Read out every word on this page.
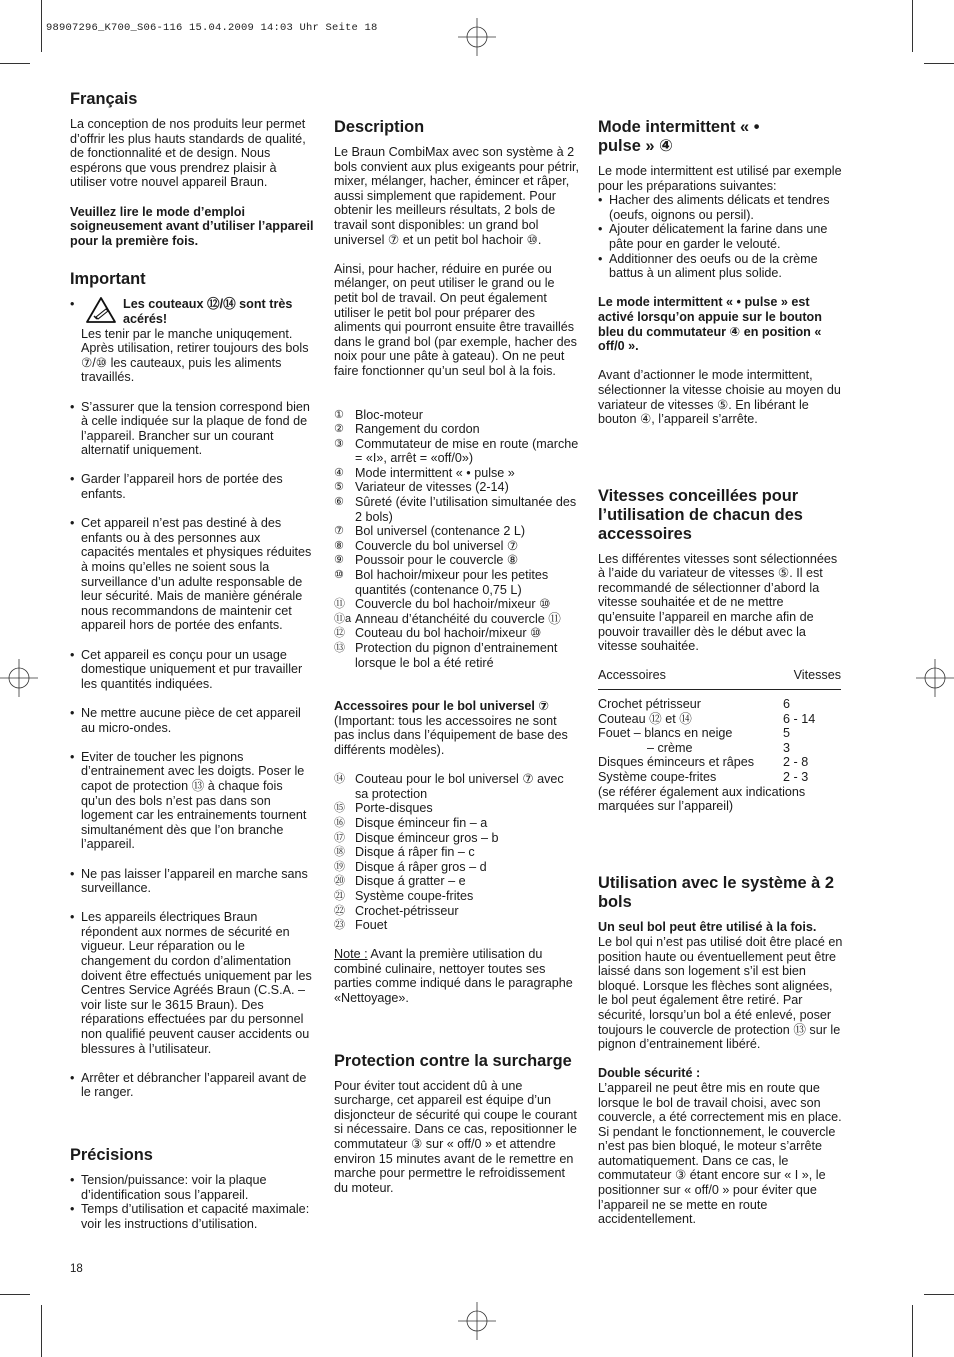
98907296_K700_S06-116 15.04.2009 14:03 Uhr Seite 18
Français

La conception de nos produits leur permet d’offrir les plus hauts standards de qualité, de fonctionnalité et de design. Nous espérons que vous prendrez plaisir à utiliser votre nouvel appareil Braun.

Veuillez lire le mode d’emploi soigneusement avant d’utiliser l’appareil pour la première fois.

Important
• Les couteaux ⑫/⑭ sont très acérés!
Les tenir par le manche uniquqement. Après utilisation, retirer toujours des bols ⑦/⑩ les cauteaux, puis les aliments travaillés.
• S’assurer que la tension correspond bien à celle indiquée sur la plaque de fond de l’appareil. Brancher sur un courant alternatif uniquement.
• Garder l’appareil hors de portée des enfants.
• Cet appareil n’est pas destiné à des enfants ou à des personnes aux capacités mentales et physiques réduites à moins qu’elles ne soient sous la surveillance d’un adulte responsable de leur sécurité. Mais de manière générale nous recommandons de maintenir cet appareil hors de portée des enfants.
• Cet appareil es conçu pour un usage domestique uniquement et pur travailler les quantités indiquées.
• Ne mettre aucune pièce de cet appareil au micro-ondes.
• Eviter de toucher les pignons d’entrainement avec les doigts. Poser le capot de protection ⑬ à chaque fois qu’un des bols n’est pas dans son logement car les entrainements tournent simultanément dès que l’on branche l’appareil.
• Ne pas laisser l’appareil en marche sans surveillance.
• Les appareils électriques Braun répondent aux normes de sécurité en vigueur. Leur réparation ou le changement du cordon d’alimentation doivent être effectués uniquement par les Centres Service Agréés Braun (C.S.A. – voir liste sur le 3615 Braun). Des réparations effectuées par du personnel non qualifié peuvent causer accidents ou blessures à l’utilisateur.
• Arrêter et débrancher l’appareil avant de le ranger.
Précisions
• Tension/puissance: voir la plaque d’identification sous l’appareil.
• Temps d’utilisation et capacité maximale: voir les instructions d’utilisation.
Description

Le Braun CombiMax avec son système à 2 bols convient aux plus exigeants pour pétrir, mixer, mélanger, hacher, émincer et râper, aussi simplement que rapidement. Pour obtenir les meilleurs résultats, 2 bols de travail sont disponibles: un grand bol universel ⑦ et un petit bol hachoir ⑩.

Ainsi, pour hacher, réduire en purée ou mélanger, on peut utiliser le grand ou le petit bol de travail. On peut également utiliser le petit bol pour préparer des aliments qui pourront ensuite être travaillés dans le grand bol (par exemple, hacher des noix pour une pâte à gateau). On ne peut faire fonctionner qu’un seul bol à la fois.

① Bloc-moteur
② Rangement du cordon
③ Commutateur de mise en route (marche = «I», arrêt = «off/0»)
④ Mode intermittent « • pulse »
⑤ Variateur de vitesses (2-14)
⑥ Sûreté (évite l’utilisation simultanée des 2 bols)
⑦ Bol universel (contenance 2 L)
⑧ Couvercle du bol universel ⑦
⑨ Poussoir pour le couvercle ⑧
⑩ Bol hachoir/mixeur pour les petites quantités (contenance 0,75 L)
⑪ Couvercle du bol hachoir/mixeur ⑩
⑪a Anneau d’étanchéité du couvercle ⑪
⑫ Couteau du bol hachoir/mixeur ⑩
⑬ Protection du pignon d’entrainement lorsque le bol a été retiré
Accessoires pour le bol universel ⑦

(Important: tous les accessoires ne sont pas inclus dans l’équipement de base des différents modèles).

⑭ Couteau pour le bol universel ⑦ avec sa protection
⑮ Porte-disques
⑯ Disque éminceur fin – a
⑰ Disque éminceur gros – b
⑱ Disque á râper fin – c
⑲ Disque á râper gros – d
⑳ Disque á gratter – e
㉑ Système coupe-frites
㉒ Crochet-pétrisseur
㉓ Fouet

Note : Avant la première utilisation du combiné culinaire, nettoyer toutes ses parties comme indiqué dans le paragraphe «Nettoyage».

Protection contre la surcharge

Pour éviter tout accident dû à une surcharge, cet appareil est équipe d’un disjoncteur de sécurité qui coupe le courant si nécessaire. Dans ce cas, repositionner le commutateur ③ sur « off/0 » et attendre environ 15 minutes avant de le remettre en marche pour permettre le refroidissement du moteur.

Mode intermittent « • pulse » ④

Le mode intermittent est utilisé par exemple pour les préparations suivantes:

• Hacher des aliments délicats et tendres (oeufs, oignons ou persil).
• Ajouter délicatement la farine dans une pâte pour en garder le velouté.
• Additionner des oeufs ou de la crème battus à un aliment plus solide.

Le mode intermittent « • pulse » est activé lorsqu’on appuie sur le bouton bleu du commutateur ④ en position « off/0 ».

Avant d’actionner le mode intermittent, sélectionner la vitesse choisie au moyen du variateur de vitesses ⑤. En libérant le bouton ④, l’appareil s’arrête.

Vitesses conceillées pour l’utilisation de chacun des accessoires

Les différentes vitesses sont sélectionnées à l’aide du variateur de vitesses ⑤. Il est recommandé de sélectionner d’abord la vitesse souhaitée et de ne mettre qu’ensuite l’appareil en marche afin de pouvoir travailler dès le début avec la vitesse souhaitée.

Accessoires	Vitesses

Crochet pétrisseur	6
Couteau ⑫ et ⑭	6 - 14
Fouet – blancs en neige	5
– crème	3
Disques éminceurs et râpes	2 - 8
Système coupe-frites	2 - 3
(se référer également aux indications marquées sur l’appareil)	
Utilisation avec le système à 2 bols
Un seul bol peut être utilisé à la fois.

Le bol qui n’est pas utilisé doit être placé en position haute ou éventuellement peut être laissé dans son logement s’il est bien bloqué. Lorsque les flèches sont alignées, le bol peut également être retiré. Par sécurité, lorsqu’un bol a été enlevé, poser toujours le couvercle de protection ⑬ sur le pignon d’entrainement libéré.

Double sécurité :

L’appareil ne peut être mis en route que lorsque le bol de travail choisi, avec son couvercle, a été correctement mis en place. Si pendant le fonctionnement, le couvercle n’est pas bien bloqué, le moteur s’arrête automatiquement. Dans ce cas, le commutateur ③ étant encore sur « I », le positionner sur « off/0 » pour éviter que l’appareil ne se mette en route accidentellement.

18
